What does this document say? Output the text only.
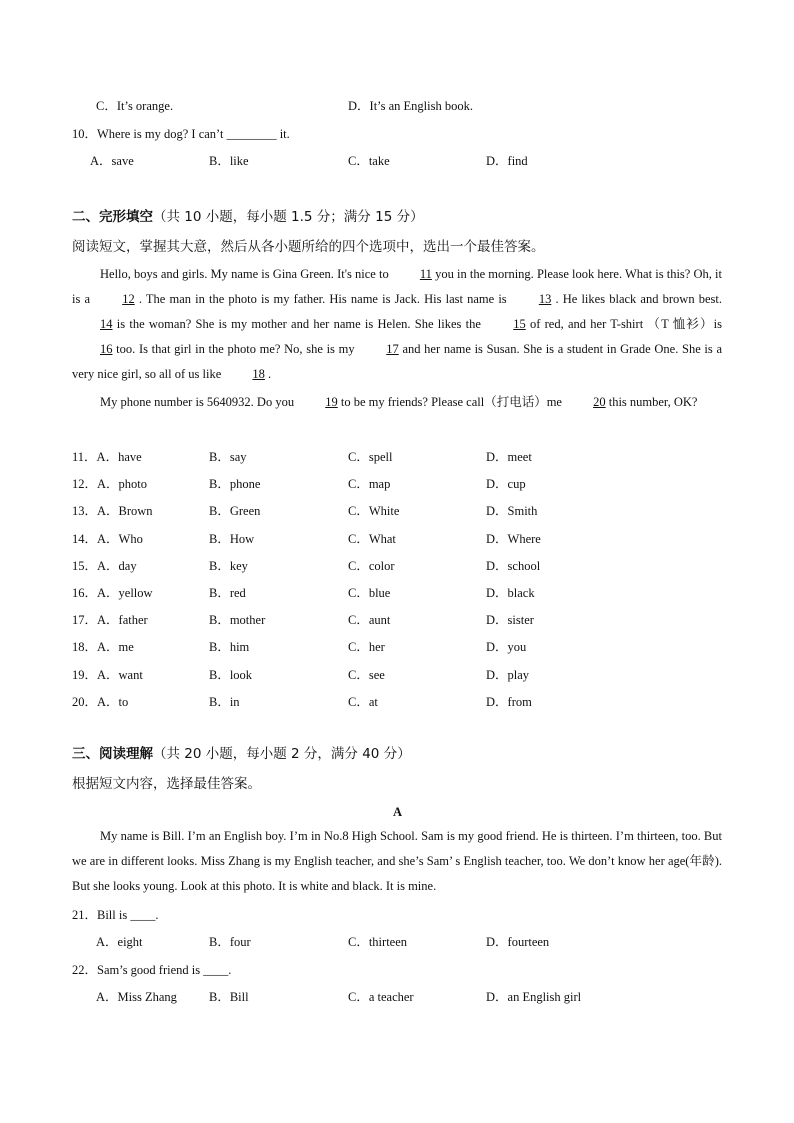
C．It’s orange.	D．It’s an English book.
10．Where is my dog? I can’t ________ it.
A．save	B．like	C．take	D．find
二、完形填空（共 10 小题，每小题 1.5 分；满分 15 分）
阅读短文，掌握其大意，然后从各小题所给的四个选项中，选出一个最佳答案。
Hello, boys and girls. My name is Gina Green. It's nice to 11 you in the morning. Please look here. What is this? Oh, it is a 12 . The man in the photo is my father. His name is Jack. His last name is 13 . He likes black and brown best. 14 is the woman? She is my mother and her name is Helen. She likes the 15 of red, and her T-shirt （T 恤衫）is 16 too. Is that girl in the photo me? No, she is my 17 and her name is Susan. She is a student in Grade One. She is a very nice girl, so all of us like 18 .
My phone number is 5640932. Do you 19 to be my friends? Please call（打电话）me 20 this number, OK?
11．A．have	B．say	C．spell	D．meet
12．A．photo	B．phone	C．map	D．cup
13．A．Brown	B．Green	C．White	D．Smith
14．A．Who	B．How	C．What	D．Where
15．A．day	B．key	C．color	D．school
16．A．yellow	B．red	C．blue	D．black
17．A．father	B．mother	C．aunt	D．sister
18．A．me	B．him	C．her	D．you
19．A．want	B．look	C．see	D．play
20．A．to	B．in	C．at	D．from
三、阅读理解（共 20 小题，每小题 2 分，满分 40 分）
根据短文内容，选择最佳答案。
A
My name is Bill. I’m an English boy. I’m in No.8 High School. Sam is my good friend. He is thirteen. I’m thirteen, too. But we are in different looks. Miss Zhang is my English teacher, and she’s Sam’ s English teacher, too. We don’t know her age(年龄). But she looks young. Look at this photo. It is white and black. It is mine.
21．Bill is ____.
A．eight	B．four	C．thirteen	D．fourteen
22．Sam’s good friend is ____.
A．Miss Zhang	B．Bill	C．a teacher	D．an English girl
